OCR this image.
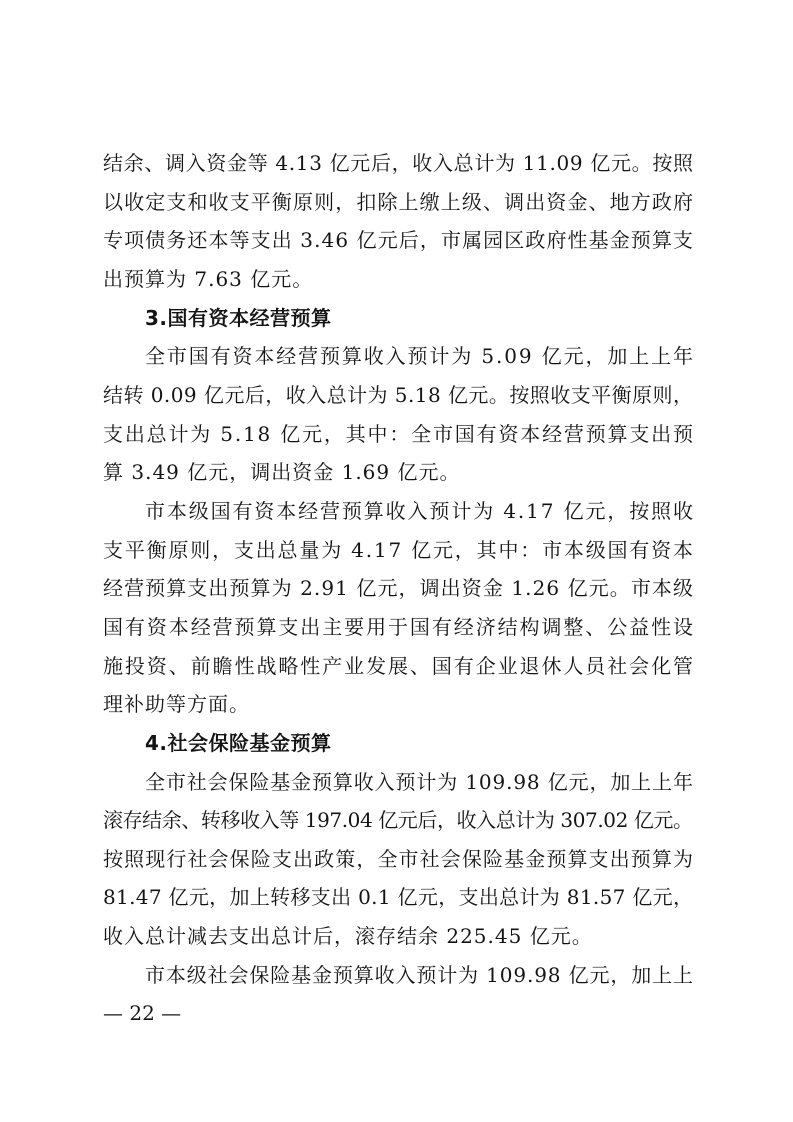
结余、调入资金等 4.13 亿元后，收入总计为 11.09 亿元。按照
以收定支和收支平衡原则，扣除上缴上级、调出资金、地方政府
专项债务还本等支出 3.46 亿元后，市属园区政府性基金预算支
出预算为 7.63 亿元。
3.国有资本经营预算
全市国有资本经营预算收入预计为 5.09 亿元，加上上年
结转 0.09 亿元后，收入总计为 5.18 亿元。按照收支平衡原则，
支出总计为 5.18 亿元，其中：全市国有资本经营预算支出预
算 3.49 亿元，调出资金 1.69 亿元。
市本级国有资本经营预算收入预计为 4.17 亿元，按照收
支平衡原则，支出总量为 4.17 亿元，其中：市本级国有资本
经营预算支出预算为 2.91 亿元，调出资金 1.26 亿元。市本级
国有资本经营预算支出主要用于国有经济结构调整、公益性设
施投资、前瞻性战略性产业发展、国有企业退休人员社会化管
理补助等方面。
4.社会保险基金预算
全市社会保险基金预算收入预计为 109.98 亿元，加上上年
滚存结余、转移收入等 197.04 亿元后，收入总计为 307.02 亿元。
按照现行社会保险支出政策，全市社会保险基金预算支出预算为
81.47 亿元，加上转移支出 0.1 亿元，支出总计为 81.57 亿元，
收入总计减去支出总计后，滚存结余 225.45 亿元。
市本级社会保险基金预算收入预计为 109.98 亿元，加上上
— 22 —
